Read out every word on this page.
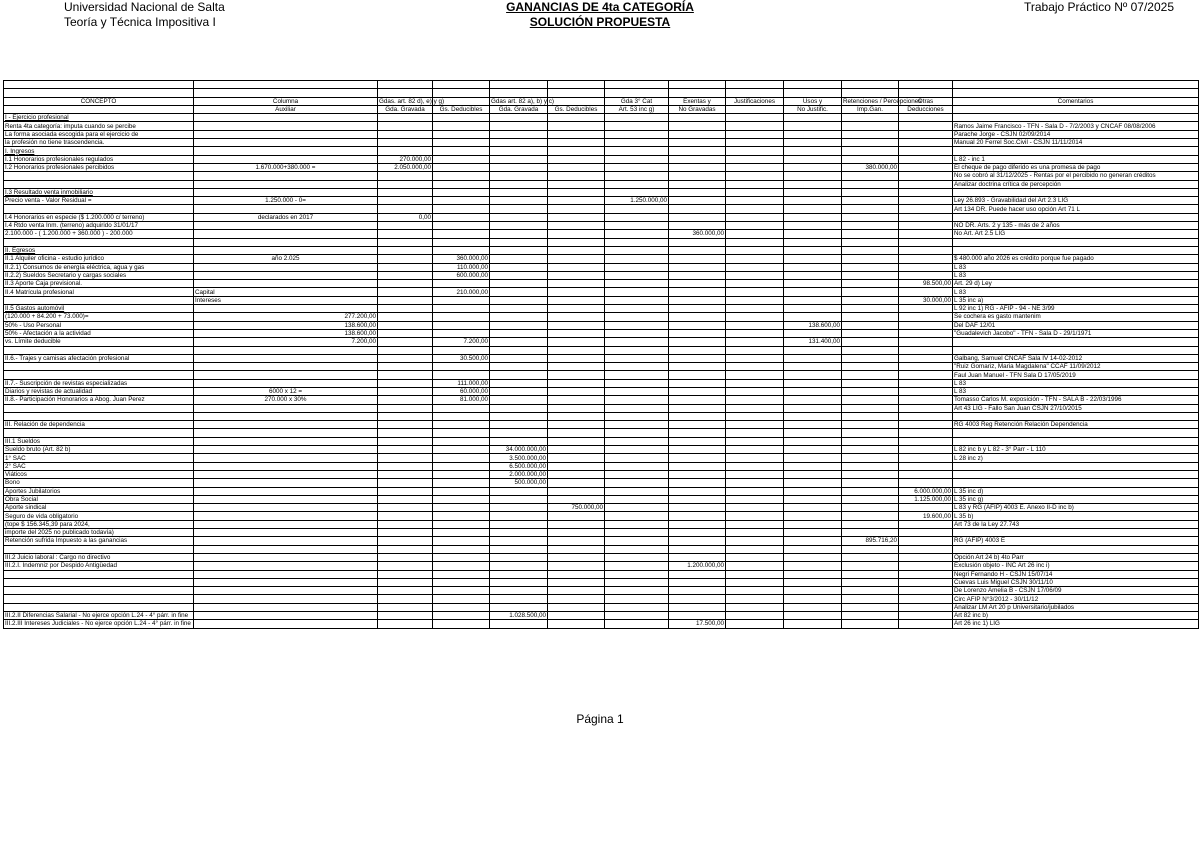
Universidad Nacional de Salta
Teoría y Técnica Impositiva I
GANANCIAS DE 4ta CATEGORÍA
SOLUCIÓN PROPUESTA
Trabajo Práctico Nº 07/2025

CONCEPTO	Columna	Gdas. art. 82 d), e) y g)		Gdas art. 82 a), b) y c)		Gda 3° Cat	Exentas y	Justificaciones	Usos y	Retenciones / Percepciones	Otras	Comentarios
	Auxiliar	Gda. Gravada	Gs. Deducibles	Gda. Gravada	Gs. Deducibles	Art. 53 inc g)	No Gravadas		No Justific.	Imp.Gan.	Deducciones	
I - Ejercicio profesional												
Renta 4ta categoría: imputa cuando se percibe												Ramos Jaime Francisco - TFN - Sala D - 7/2/2003 y CNCAF 08/08/2006
La forma asociada escogida para el ejercicio de												Parache Jorge - CSJN 02/09/2014
la profesión no tiene trascendencia.												Manual 20 Ferrel Soc.Civil - CSJN 11/11/2014
I. Ingresos												
I.1 Honorarios profesionales regulados		270.000,00										L 82 - inc 1
I.2 Honorarios profesionales percibidos	1.670.000+380.000 =	2.050.000,00								380.000,00		El cheque de pago diferido es una promesa de pago
												No se cobró al 31/12/2025 - Rentas por el percibido no generan créditos
												Analizar doctrina crítica de percepción
I.3 Resultado venta inmobiliario												
Precio venta - Valor Residual =	1.250.000 - 0=					1.250.000,00						Ley 26.893 - Gravabilidad del Art 2.3 LIG
												Art 134 DR. Puede hacer uso opción Art 71 L
I.4 Honorarios en especie ($ 1.200.000 c/ terreno)	declarados en 2017	0,00										
I.4 Rtdo venta Inm. (terreno) adquirido 31/01/17												NO DR. Arts. 2 y 135 - más de 2 años
2.100.000 - ( 1.200.000 + 360.000 ) - 200.000							360.000,00					No Art. Art 2.5 LIG

II. Egresos												
II.1 Alquiler oficina - estudio jurídico	año 2.025		360.000,00									$ 480.000 año 2026 es crédito porque fue pagado
II.2.1) Consumos de energía eléctrica, agua y gas			110.000,00									L 83
II.2.2) Sueldos Secretario y cargas sociales			600.000,00									L 83
II.3 Aporte Caja previsional.											98.500,00	Art. 29 d) Ley
II.4 Matrícula profesional	Capital		210.000,00									L 83
	Intereses										30.000,00	L 35 inc a)
II.5 Gastos automóvil												L 92 inc 1) RG - AFIP - 94 - NE 3/99
(120.000 + 84.200 + 73.000)=	277.200,00											Se cochera es gasto mantenim
50% - Uso Personal	138.600,00								138.600,00			Del DAF 12/01
50% - Afectación a la actividad	138.600,00											"Guadalevich Jacobo" - TFN - Sala D - 29/1/1971
vs. Límite deducible	7.200,00		7.200,00						131.400,00			

II.6.- Trajes y camisas afectación profesional			30.500,00									Galbang, Samuel CNCAF Sala IV 14-02-2012
												"Ruiz Gomariz, Maria Magdalena" CCAF 11/09/2012
												Faul Juan Manuel - TFN Sala D 17/05/2019
II.7.- Suscripción de revistas especializadas			111.000,00									L 83
Diarios y revistas de actualidad	6000 x 12 =		60.000,00									L 83
II.8.- Participación Honorarios a Abog. Juan Perez	270.000 x 30%		81.000,00									Tomasso Carlos M. exposición - TFN - SALA B - 22/03/1996
												Art 43 LIG - Fallo San Juan CSJN 27/10/2015

III. Relación de dependencia												RG 4003 Reg Retención Relación Dependencia

III.1 Sueldos												
Sueldo bruto (Art. 82 b)				34.000.000,00								L 82 inc b y L 82 - 3° Parr - L 110
1° SAC				3.500.000,00								L 28 inc z)
2° SAC				6.500.000,00								
Viáticos				2.000.000,00								
Bono				500.000,00								
Aportes Jubilatorios											6.000.000,00	L 35 inc d)
Obra Social											1.125.000,00	L 35 inc g)
Aporte sindical					750.000,00							L 83 y RG (AFIP) 4003 E. Anexo II-D inc b)
Seguro de vida obligatorio											19.600,00	L 35 b)
(tope $ 156.345,39 para 2024,												Art 73 de la Ley 27.743
importe del 2025 no publicado todavía)												
Retención sufrida Impuesto a las ganancias										895.716,20		RG (AFIP) 4003 E

III.2 Juicio laboral : Cargo no directivo												Opción Art 24 b) 4to Parr
III.2.I. Indemniz por Despido Antigüedad							1.200.000,00					Exclusión objeto - INC Art 26 inc i)
												Negri Fernando H - CSJN 15/07/14
												Cuevas Luis Miguel CSJN 30/11/10
												De Lorenzo Amelia B - CSJN 17/06/09
												Circ AFIP N°3/2012 - 30/11/12
												Analizar LM Art 20 p Universitario/jubilados
III.2.II Diferencias Salarial - No ejerce opción L.24 - 4° párr. in fine				1.028.500,00								Art 82 inc b)
III.2.III Intereses Judiciales - No ejerce opción L.24 - 4° párr. in fine							17.500,00					Art 26 inc 1) LIG
Página 1
